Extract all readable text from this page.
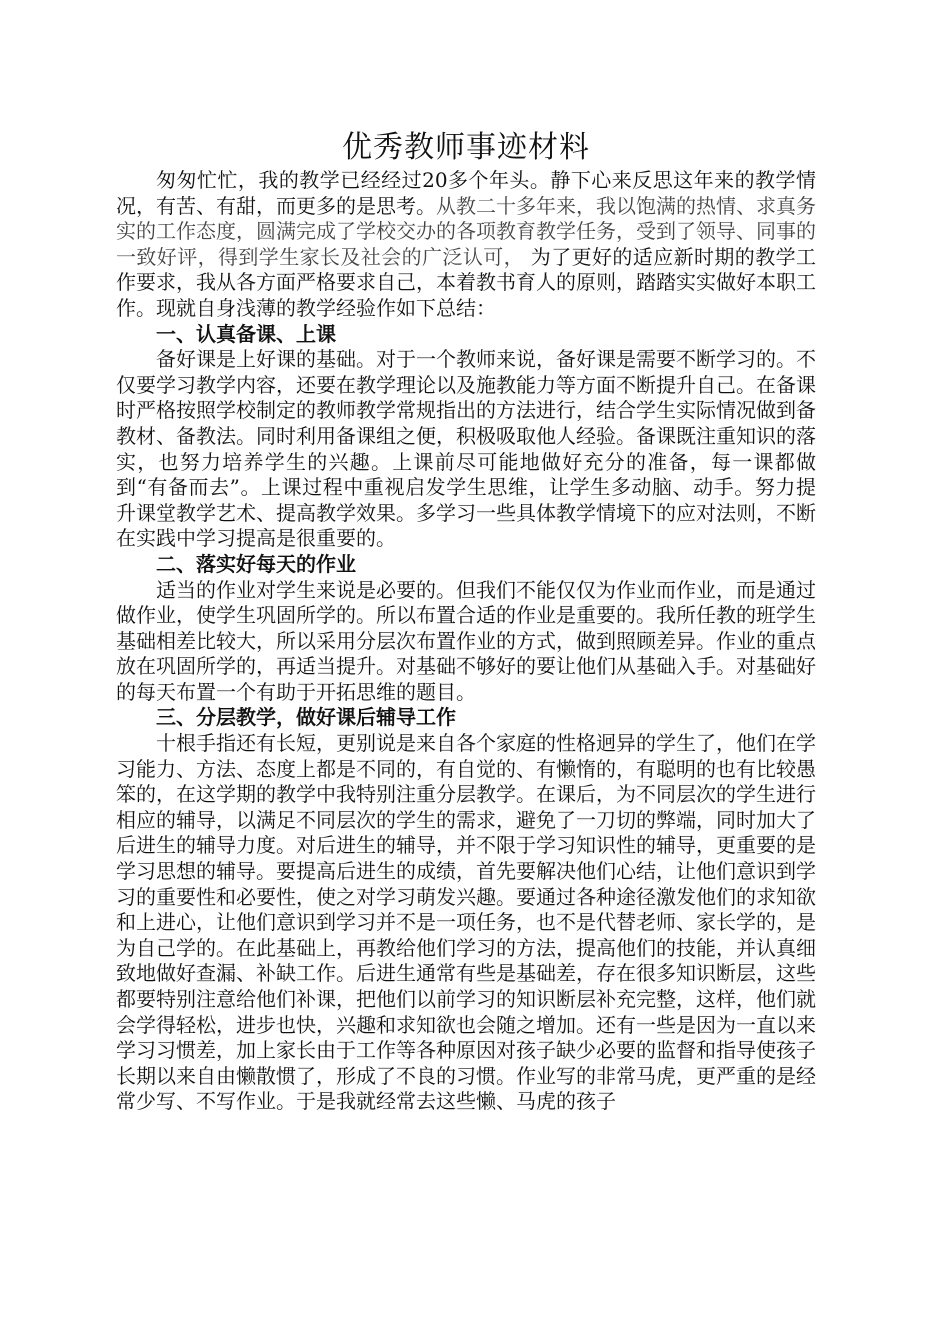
优秀教师事迹材料

匆匆忙忙，我的教学已经经过20多个年头。静下心来反思这年来的教学情况，有苦、有甜，而更多的是思考。从教二十多年来，我以饱满的热情、求真务实的工作态度，圆满完成了学校交办的各项教育教学任务，受到了领导、同事的一致好评，得到学生家长及社会的广泛认可， 为了更好的适应新时期的教学工作要求，我从各方面严格要求自己，本着教书育人的原则，踏踏实实做好本职工作。现就自身浅薄的教学经验作如下总结：

一、认真备课、上课

备好课是上好课的基础。对于一个教师来说，备好课是需要不断学习的。不仅要学习教学内容，还要在教学理论以及施教能力等方面不断提升自己。在备课时严格按照学校制定的教师教学常规指出的方法进行，结合学生实际情况做到备教材、备教法。同时利用备课组之便，积极吸取他人经验。备课既注重知识的落实，也努力培养学生的兴趣。上课前尽可能地做好充分的准备，每一课都做到“有备而去”。上课过程中重视启发学生思维，让学生多动脑、动手。努力提升课堂教学艺术、提高教学效果。多学习一些具体教学情境下的应对法则，不断在实践中学习提高是很重要的。

二、落实好每天的作业

适当的作业对学生来说是必要的。但我们不能仅仅为作业而作业，而是通过做作业，使学生巩固所学的。所以布置合适的作业是重要的。我所任教的班学生基础相差比较大，所以采用分层次布置作业的方式，做到照顾差异。作业的重点放在巩固所学的，再适当提升。对基础不够好的要让他们从基础入手。对基础好的每天布置一个有助于开拓思维的题目。

三、分层教学，做好课后辅导工作

十根手指还有长短，更别说是来自各个家庭的性格迥异的学生了，他们在学习能力、方法、态度上都是不同的，有自觉的、有懒惰的，有聪明的也有比较愚笨的，在这学期的教学中我特别注重分层教学。在课后，为不同层次的学生进行相应的辅导，以满足不同层次的学生的需求，避免了一刀切的弊端，同时加大了后进生的辅导力度。对后进生的辅导，并不限于学习知识性的辅导，更重要的是学习思想的辅导。要提高后进生的成绩，首先要解决他们心结，让他们意识到学习的重要性和必要性，使之对学习萌发兴趣。要通过各种途径激发他们的求知欲和上进心，让他们意识到学习并不是一项任务，也不是代替老师、家长学的，是为自己学的。在此基础上，再教给他们学习的方法，提高他们的技能，并认真细致地做好查漏、补缺工作。后进生通常有些是基础差，存在很多知识断层，这些都要特别注意给他们补课，把他们以前学习的知识断层补充完整，这样，他们就会学得轻松，进步也快，兴趣和求知欲也会随之增加。还有一些是因为一直以来学习习惯差，加上家长由于工作等各种原因对孩子缺少必要的监督和指导使孩子长期以来自由懒散惯了，形成了不良的习惯。作业写的非常马虎，更严重的是经常少写、不写作业。于是我就经常去这些懒、马虎的孩子
